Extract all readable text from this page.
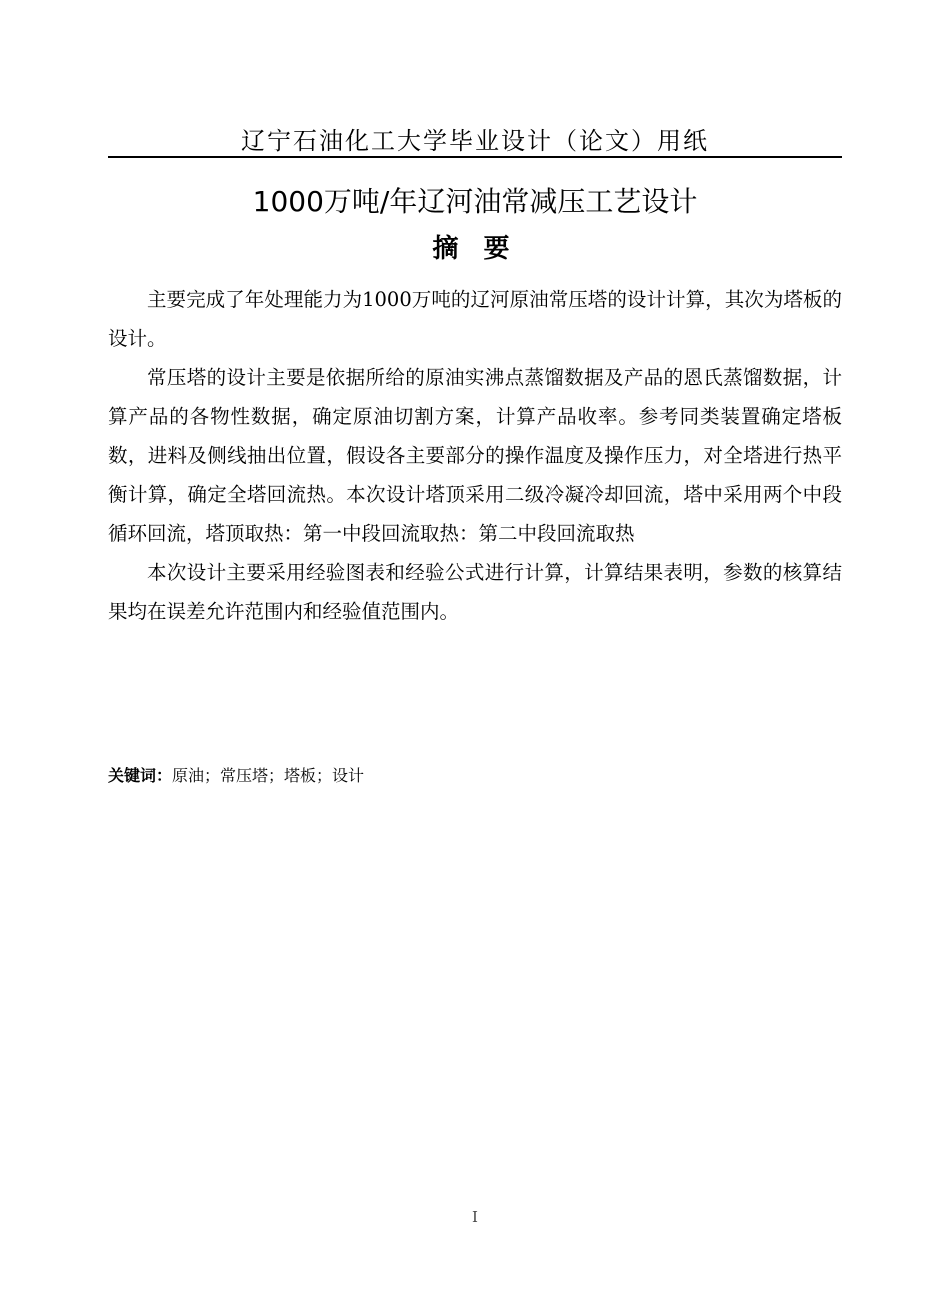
辽宁石油化工大学毕业设计（论文）用纸
1000万吨/年辽河油常减压工艺设计
摘 要

主要完成了年处理能力为1000万吨的辽河原油常压塔的设计计算，其次为塔板的设计。

常压塔的设计主要是依据所给的原油实沸点蒸馏数据及产品的恩氏蒸馏数据，计算产品的各物性数据，确定原油切割方案，计算产品收率。参考同类装置确定塔板数，进料及侧线抽出位置，假设各主要部分的操作温度及操作压力，对全塔进行热平衡计算，确定全塔回流热。本次设计塔顶采用二级冷凝冷却回流，塔中采用两个中段循环回流，塔顶取热：第一中段回流取热：第二中段回流取热

本次设计主要采用经验图表和经验公式进行计算，计算结果表明，参数的核算结果均在误差允许范围内和经验值范围内。

关键词：原油；常压塔；塔板；设计
I
